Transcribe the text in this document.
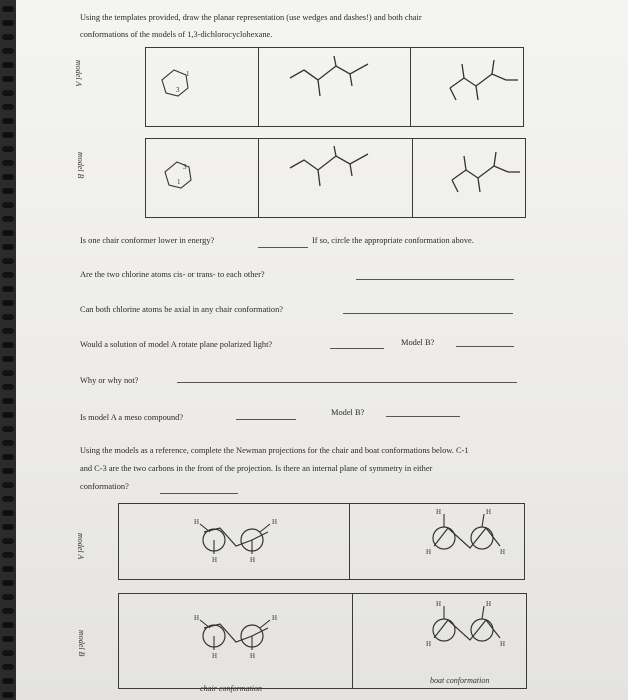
Using the templates provided, draw the planar representation (use wedges and dashes!) and both chair
conformations of the models of 1,3-dichlorocyclohexane.
model A	1
3
model B	3
1
Is one chair conformer lower in energy?	If so, circle the appropriate conformation above.
Are the two chlorine atoms cis- or trans- to each other?
Can both chlorine atoms be axial in any chair conformation?
Would a solution of model A rotate plane polarized light?	Model B?
Why or why not?
Is model A a meso compound?
Model B?
Using the models as a reference, complete the Newman projections for the chair and boat conformations below. C-1
and C-3 are the two carbons in the front of the projection. Is there an internal plane of symmetry in either
conformation?
model A
H	H
H	H
H	H
H	H
model B
H	H
H	H
H	H
H	H
chair conformation
boat conformation
